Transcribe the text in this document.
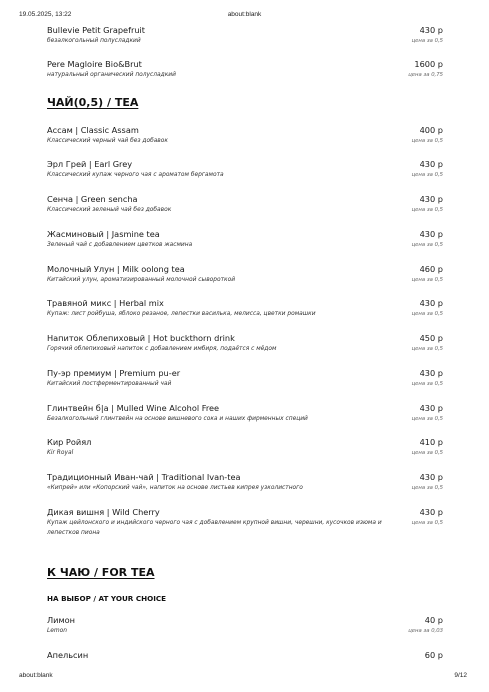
19.05.2025, 13:22	about:blank
Bullevie Petit Grapefruit	430 р
безалкогольный полусладкий	цена за 0,5
Pere Magloire Bio&Brut	1600 р
натуральный органический полусладкий	цена за 0,75
ЧАЙ(0,5) / TEA
Ассам | Classic Assam	400 р
Классический черный чай без добавок	цена за 0,5
Эрл Грей | Earl Grey	430 р
Классический купаж черного чая с ароматом бергамота	цена за 0,5
Сенча | Green sencha	430 р
Классический зеленый чай без добавок	цена за 0,5
Жасминовый | Jasmine tea	430 р
Зеленый чай с добавлением цветков жасмина	цена за 0,5
Молочный Улун | Milk oolong tea	460 р
Китайский улун, ароматизированный молочной сывороткой	цена за 0,5
Травяной микс | Herbal mix	430 р
Купаж: лист ройбуша, яблоко резаное, лепестки василька, мелисса, цветки ромашки	цена за 0,5
Напиток Облепиховый | Hot buckthorn drink	450 р
Горячий облепиховый напиток с добавлением имбиря, подаётся с мёдом	цена за 0,5
Пу-эр премиум | Premium pu-er	430 р
Китайский постферментированный чай	цена за 0,5
Глинтвейн б|а | Mulled Wine Alcohol Free	430 р
Безалкогольный глинтвейн на основе вишневого сока и наших фирменных специй	цена за 0,5
Кир Ройял	410 р
Kir Royal	цена за 0,5
Традиционный Иван-чай | Traditional Ivan-tea	430 р
«Кипрей» или «Копорский чай», напиток на основе листьев кипрея узколистного	цена за 0,5
Дикая вишня | Wild Cherry	430 р
Купаж цейлонского и индийского черного чая с добавлением крупной вишни, черешни, кусочков изюма и лепестков пиона
цена за 0,5
К ЧАЮ / FOR TEA
НА ВЫБОР / AT YOUR CHOICE
Лимон	40 р
Lemon	цена за 0,03
Апельсин	60 р
about:blank	9/12
